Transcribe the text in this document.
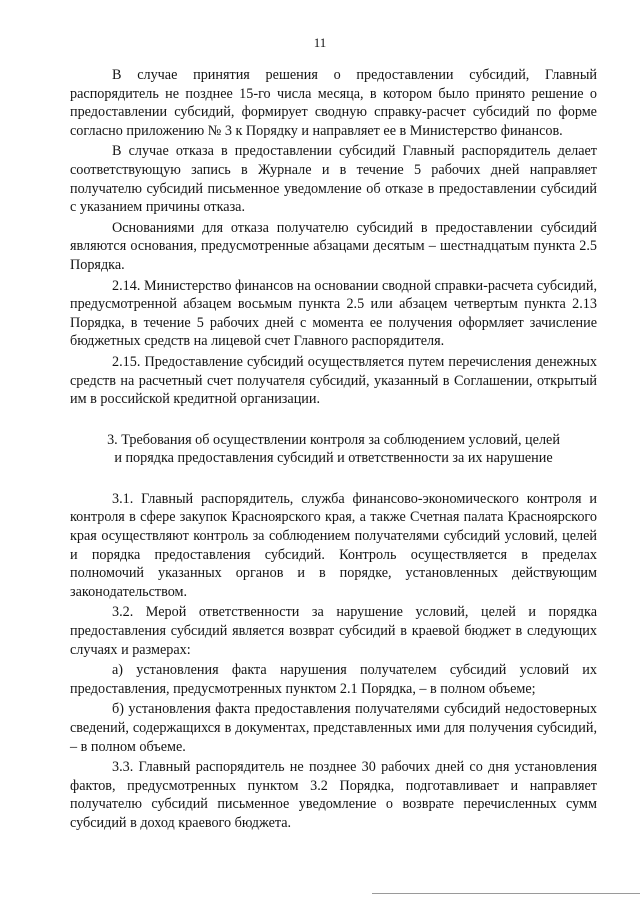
11

В случае принятия решения о предоставлении субсидий, Главный распорядитель не позднее 15-го числа месяца, в котором было принято решение о предоставлении субсидий, формирует сводную справку-расчет субсидий по форме согласно приложению № 3 к Порядку и направляет ее в Министерство финансов.

В случае отказа в предоставлении субсидий Главный распорядитель делает соответствующую запись в Журнале и в течение 5 рабочих дней направляет получателю субсидий письменное уведомление об отказе в предоставлении субсидий с указанием причины отказа.

Основаниями для отказа получателю субсидий в предоставлении субсидий являются основания, предусмотренные абзацами десятым – шестнадцатым пункта 2.5 Порядка.

2.14. Министерство финансов на основании сводной справки-расчета субсидий, предусмотренной абзацем восьмым пункта 2.5 или абзацем четвертым пункта 2.13 Порядка, в течение 5 рабочих дней с момента ее получения оформляет зачисление бюджетных средств на лицевой счет Главного распорядителя.

2.15. Предоставление субсидий осуществляется путем перечисления денежных средств на расчетный счет получателя субсидий, указанный в Соглашении, открытый им в российской кредитной организации.

3. Требования об осуществлении контроля за соблюдением условий, целей
и порядка предоставления субсидий и ответственности за их нарушение

3.1. Главный распорядитель, служба финансово-экономического контроля и контроля в сфере закупок Красноярского края, а также Счетная палата Красноярского края осуществляют контроль за соблюдением получателями субсидий условий, целей и порядка предоставления субсидий. Контроль осуществляется в пределах полномочий указанных органов и в порядке, установленных действующим законодательством.

3.2. Мерой ответственности за нарушение условий, целей и порядка предоставления субсидий является возврат субсидий в краевой бюджет в следующих случаях и размерах:

а) установления факта нарушения получателем субсидий условий их предоставления, предусмотренных пунктом 2.1 Порядка, – в полном объеме;

б) установления факта предоставления получателями субсидий недостоверных сведений, содержащихся в документах, представленных ими для получения субсидий, – в полном объеме.

3.3. Главный распорядитель не позднее 30 рабочих дней со дня установления фактов, предусмотренных пунктом 3.2 Порядка, подготавливает и направляет получателю субсидий письменное уведомление о возврате перечисленных сумм субсидий в доход краевого бюджета.
